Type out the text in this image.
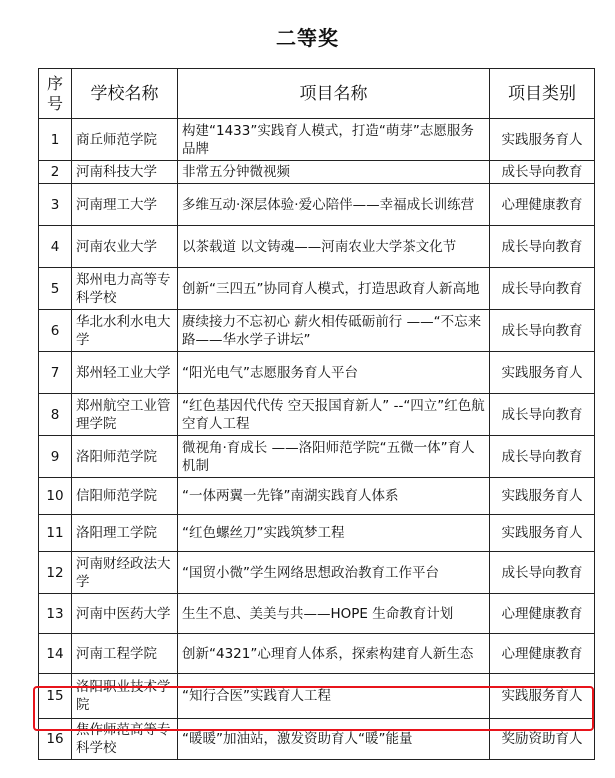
二等奖
序号	学校名称	项目名称	项目类别
1	商丘师范学院	构建“1433”实践育人模式，打造“萌芽”志愿服务品牌	实践服务育人
2	河南科技大学	非常五分钟微视频	成长导向教育
3	河南理工大学	多维互动·深层体验·爱心陪伴——幸福成长训练营	心理健康教育
4	河南农业大学	以茶载道 以文铸魂——河南农业大学茶文化节	成长导向教育
5	郑州电力高等专科学校	创新“三四五”协同育人模式，打造思政育人新高地	成长导向教育
6	华北水利水电大学	赓续接力不忘初心 薪火相传砥砺前行 ——“不忘来路——华水学子讲坛”	成长导向教育
7	郑州轻工业大学	“阳光电气”志愿服务育人平台	实践服务育人
8	郑州航空工业管理学院	“红色基因代代传 空天报国育新人” --“四立”红色航空育人工程	成长导向教育
9	洛阳师范学院	微视角·育成长 ——洛阳师范学院“五微一体”育人机制	成长导向教育
10	信阳师范学院	“一体两翼一先锋”南湖实践育人体系	实践服务育人
11	洛阳理工学院	“红色螺丝刀”实践筑梦工程	实践服务育人
12	河南财经政法大学	“国贸小微”学生网络思想政治教育工作平台	成长导向教育
13	河南中医药大学	生生不息、美美与共——HOPE 生命教育计划	心理健康教育
14	河南工程学院	创新“4321”心理育人体系，探索构建育人新生态	心理健康教育
15	洛阳职业技术学院	“知行合医”实践育人工程	实践服务育人
16	焦作师范高等专科学校	“暖暖”加油站，激发资助育人“暖”能量	奖励资助育人
